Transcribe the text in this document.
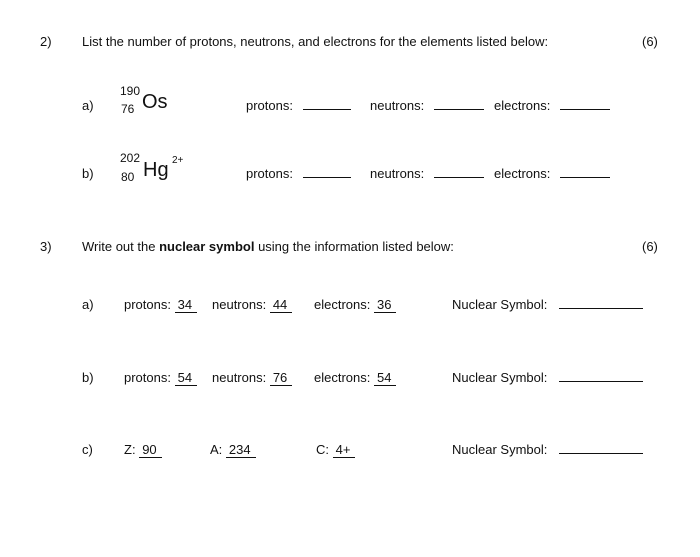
2) List the number of protons, neutrons, and electrons for the elements listed below:	(6)
a)
190
76 Os	protons:	neutrons:	electrons:
b)
202
80 Hg 2+
protons:	neutrons:	electrons:
3) Write out the nuclear symbol using the information listed below:	(6)
a) protons: 34	neutrons: 44	electrons: 36	Nuclear Symbol:
b) protons: 54	neutrons: 76	electrons: 54	Nuclear Symbol:
c) Z: 90	A: 234	C: 4+	Nuclear Symbol:
